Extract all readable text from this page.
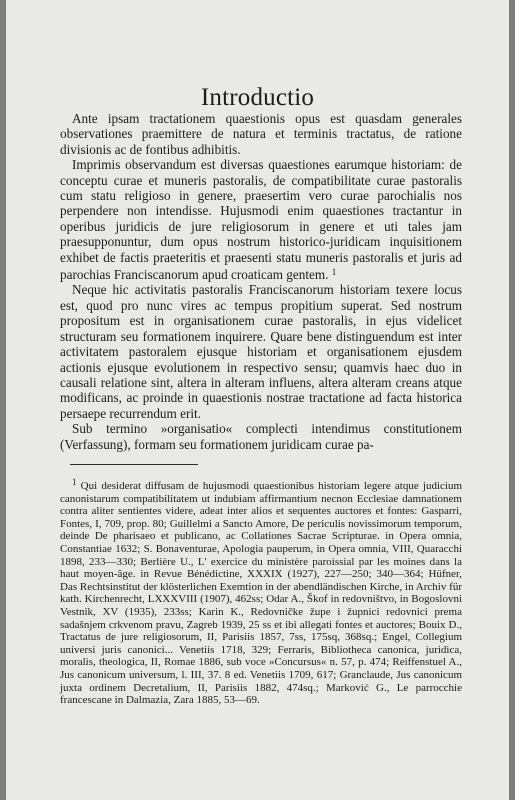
Introductio

Ante ipsam tractationem quaestionis opus est quasdam generales observationes praemittere de natura et terminis tractatus, de ratione divisionis ac de fontibus adhibitis.

Imprimis observandum est diversas quaestiones earumque historiam: de conceptu curae et muneris pastoralis, de compatibilitate curae pastoralis cum statu religioso in genere, praesertim vero curae parochialis nos perpendere non intendisse. Hujusmodi enim quaestiones tractantur in operibus juridicis de jure religiosorum in genere et uti tales jam praesupponuntur, dum opus nostrum historico-juridicam inquisitionem exhibet de factis praeteritis et praesenti statu muneris pastoralis et juris ad parochias Franciscanorum apud croaticam gentem. $^1$

Neque hic activitatis pastoralis Franciscanorum historiam texere locus est, quod pro nunc vires ac tempus propitium superat. Sed nostrum propositum est in organisationem curae pastoralis, in ejus videlicet structuram seu formationem inquirere. Quare bene distinguendum est inter activitatem pastoralem ejusque historiam et organisationem ejusdem actionis ejusque evolutionem in respectivo sensu; quamvis haec duo in causali relatione sint, altera in alteram influens, altera alteram creans atque modificans, ac proinde in quaestionis nostrae tractatione ad facta historica persaepe recurrendum erit.

Sub termino »organisatio« complecti intendimus constitutionem (Verfassung), formam seu formationem juridicam curae pa-

$^1$ Qui desiderat diffusam de hujusmodi quaestionibus historiam legere atque judicium canonistarum compatibilitatem ut indubiam affirmantium necnon Ecclesiae damnationem contra aliter sentientes videre, adeat inter alios et sequentes auctores et fontes: Gasparri, Fontes, I, 709, prop. 80; Guillelmi a Sancto Amore, De periculis novissimorum temporum, deinde De pharisaeo et publicano, ac Collationes Sacrae Scripturae. in Opera omnia, Constantiae 1632; S. Bonaventurae, Apologia pauperum, in Opera omnia, VIII, Quaracchi 1898, 233—330; Berlière U., L' exercice du ministère paroissial par les moines dans la haut moyen-âge. in Revue Bénédictine, XXXIX (1927), 227—250; 340—364; Hüfner, Das Rechtsinstitut der klösterlichen Exemtion in der abendländischen Kirche, in Archiv für kath. Kirchenrecht, LXXXVIII (1907), 462ss; Odar A., Škof in redovništvo, in Bogoslovni Vestnik, XV (1935), 233ss; Karin K., Redovničke župe i župnici redovnici prema sadašnjem crkvenom pravu, Zagreb 1939, 25 ss et ibi allegati fontes et auctores; Bouix D., Tractatus de jure religiosorum, II, Parisiis 1857, 7ss, 175sq, 368sq.; Engel, Collegium universi juris canonici... Venetiis 1718, 329; Ferraris, Bibliotheca canonica, juridica, moralis, theologica, II, Romae 1886, sub voce »Concursus« n. 57, p. 474; Reiffenstuel A., Jus canonicum universum, l. III, 37. 8 ed. Venetiis 1709, 617; Granclaude, Jus canonicum juxta ordinem Decretalium, II, Parisiis 1882, 474sq.; Marković G., Le parrocchie francescane in Dalmazia, Zara 1885, 53—69.
